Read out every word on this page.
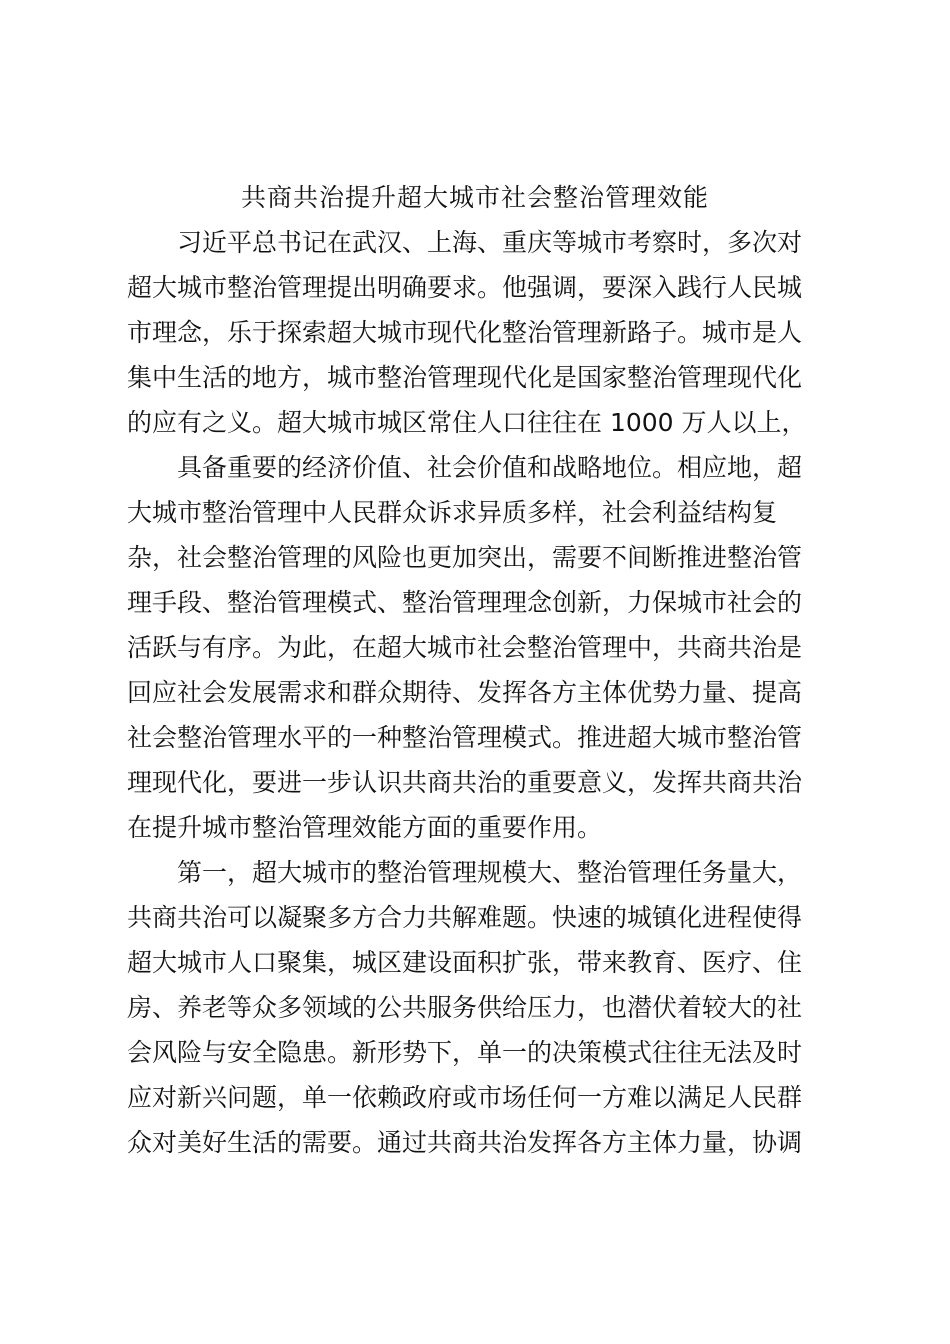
共商共治提升超大城市社会整治管理效能
习近平总书记在武汉、上海、重庆等城市考察时，多次对
超大城市整治管理提出明确要求。他强调，要深入践行人民城
市理念，乐于探索超大城市现代化整治管理新路子。城市是人
集中生活的地方，城市整治管理现代化是国家整治管理现代化
的应有之义。超大城市城区常住人口往往在 1000 万人以上，
具备重要的经济价值、社会价值和战略地位。相应地，超
大城市整治管理中人民群众诉求异质多样，社会利益结构复
杂，社会整治管理的风险也更加突出，需要不间断推进整治管
理手段、整治管理模式、整治管理理念创新，力保城市社会的
活跃与有序。为此，在超大城市社会整治管理中，共商共治是
回应社会发展需求和群众期待、发挥各方主体优势力量、提高
社会整治管理水平的一种整治管理模式。推进超大城市整治管
理现代化，要进一步认识共商共治的重要意义，发挥共商共治
在提升城市整治管理效能方面的重要作用。
第一，超大城市的整治管理规模大、整治管理任务量大，
共商共治可以凝聚多方合力共解难题。快速的城镇化进程使得
超大城市人口聚集，城区建设面积扩张，带来教育、医疗、住
房、养老等众多领域的公共服务供给压力，也潜伏着较大的社
会风险与安全隐患。新形势下，单一的决策模式往往无法及时
应对新兴问题，单一依赖政府或市场任何一方难以满足人民群
众对美好生活的需要。通过共商共治发挥各方主体力量，协调
